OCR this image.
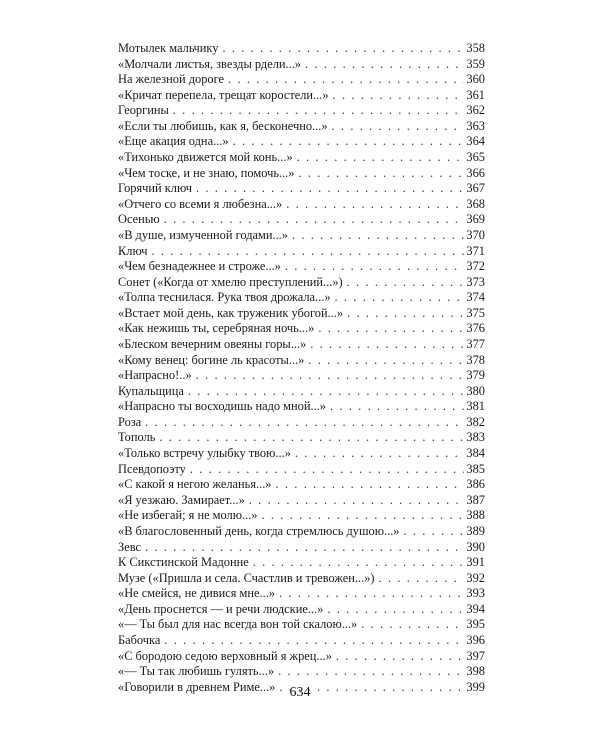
Мотылек мальчику . . .	358
«Молчали листья, звезды рдели...» . . .	359
На железной дороге . . .	360
«Кричат перепела, трещат коростели...» . . .	361
Георгины . . .	362
«Если ты любишь, как я, бесконечно...» . . .	363
«Еще акация одна...» . . .	364
«Тихонько движется мой конь...» . . .	365
«Чем тоске, и не знаю, помочь...» . . .	366
Горячий ключ . . .	367
«Отчего со всеми я любезна...» . . .	368
Осенью . . .	369
«В душе, измученной годами...» . . .	370
Ключ . . .	371
«Чем безнадежнее и строже...» . . .	372
Сонет («Когда от хмелю преступлений...») . . .	373
«Толпа теснилася. Рука твоя дрожала...» . . .	374
«Встает мой день, как труженик убогой...» . . .	375
«Как нежишь ты, серебряная ночь...» . . .	376
«Блеском вечерним овеяны горы...» . . .	377
«Кому венец: богине ль красоты...» . . .	378
«Напрасно!..» . . .	379
Купальщица . . .	380
«Напрасно ты восходишь надо мной...» . . .	381
Роза . . .	382
Тополь . . .	383
«Только встречу улыбку твою...» . . .	384
Псевдопоэту . . .	385
«С какой я негою желанья...» . . .	386
«Я уезжаю. Замирает...» . . .	387
«Не избегай; я не молю...» . . .	388
«В благословенный день, когда стремлюсь душою...» . . .	389
Зевс . . .	390
К Сикстинской Мадонне . . .	391
Музе («Пришла и села. Счастлив и тревожен...») . . .	392
«Не смейся, не дивися мне...» . . .	393
«День проснется — и речи людские...» . . .	394
«— Ты был для нас всегда вон той скалою...» . . .	395
Бабочка . . .	396
«С бородою седою верховный я жрец...» . . .	397
«— Ты так любишь гулять...» . . .	398
«Говорили в древнем Риме...» . . .	399
634
